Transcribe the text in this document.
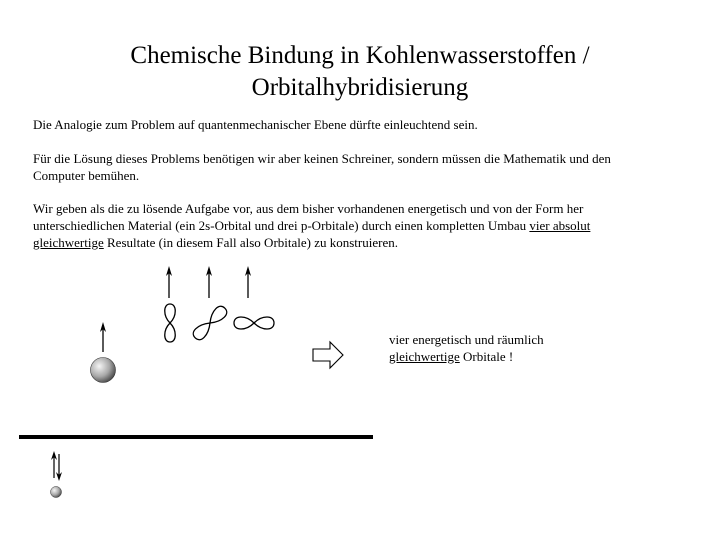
Chemische Bindung in Kohlenwasserstoffen /
Orbitalhybridisierung
Die Analogie zum Problem auf quantenmechanischer Ebene dürfte einleuchtend sein.
Für die Lösung dieses Problems benötigen wir aber keinen Schreiner, sondern müssen die Mathematik und den Computer bemühen.
Wir geben als die zu lösende Aufgabe vor, aus dem bisher vorhandenen energetisch und von der Form her unterschiedlichen Material (ein 2s-Orbital und drei p-Orbitale) durch einen kompletten Umbau vier absolut gleichwertige Resultate (in diesem Fall also Orbitale) zu konstruieren.
vier energetisch und räumlich gleichwertige Orbitale !
